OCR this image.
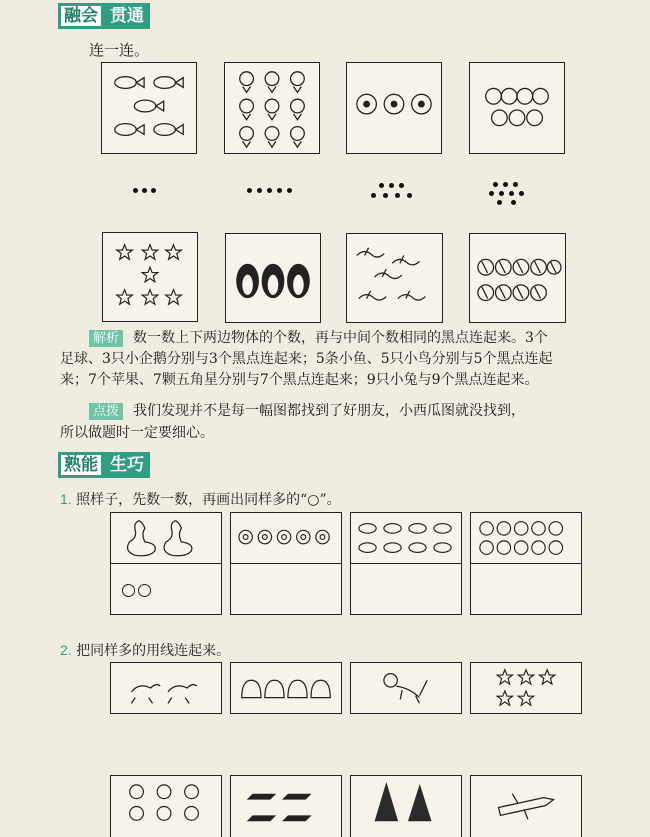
融会 贯通
连一连。
解析 数一数上下两边物体的个数，再与中间个数相同的黑点连起来。3个
足球、3只小企鹅分别与3个黑点连起来；5条小鱼、5只小鸟分别与5个黑点连起
来；7个苹果、7颗五角星分别与7个黑点连起来；9只小兔与9个黑点连起来。
点拨 我们发现并不是每一幅图都找到了好朋友，小西瓜图就没找到，
所以做题时一定要细心。
熟能 生巧
1. 照样子，先数一数，再画出同样多的“○”。
2. 把同样多的用线连起来。
